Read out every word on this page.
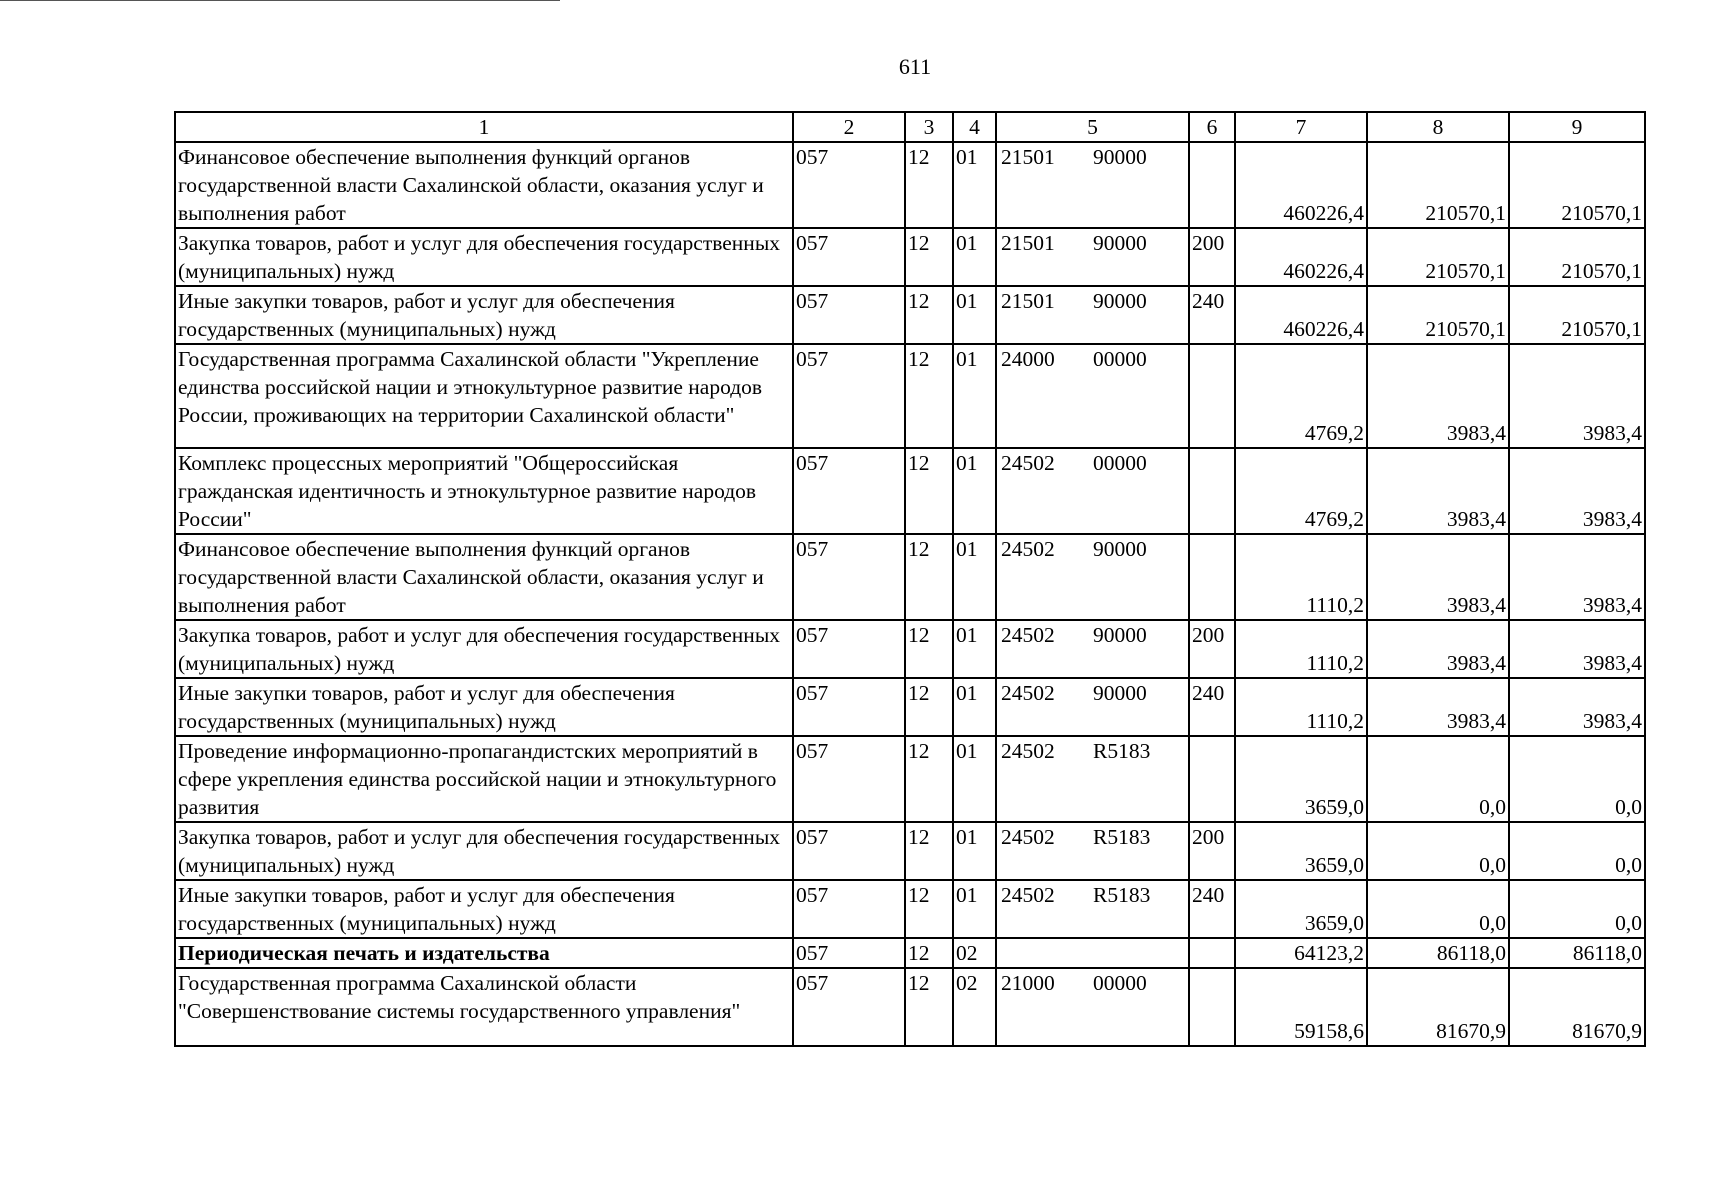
611
1	2	3	4	5	6	7	8	9
Финансовое обеспечение выполнения функций органов государственной власти Сахалинской области, оказания услуг и выполнения работ	057	12	01	21501 90000		460226,4	210570,1	210570,1
Закупка товаров, работ и услуг для обеспечения государственных (муниципальных) нужд	057	12	01	21501 90000	200	460226,4	210570,1	210570,1
Иные закупки товаров, работ и услуг для обеспечения государственных (муниципальных) нужд	057	12	01	21501 90000	240	460226,4	210570,1	210570,1
Государственная программа Сахалинской области "Укрепление единства российской нации и этнокультурное развитие народов России, проживающих на территории Сахалинской области"	057	12	01	24000 00000		4769,2	3983,4	3983,4
Комплекс процессных мероприятий "Общероссийская гражданская идентичность и этнокультурное развитие народов России"	057	12	01	24502 00000		4769,2	3983,4	3983,4
Финансовое обеспечение выполнения функций органов государственной власти Сахалинской области, оказания услуг и выполнения работ	057	12	01	24502 90000		1110,2	3983,4	3983,4
Закупка товаров, работ и услуг для обеспечения государственных (муниципальных) нужд	057	12	01	24502 90000	200	1110,2	3983,4	3983,4
Иные закупки товаров, работ и услуг для обеспечения государственных (муниципальных) нужд	057	12	01	24502 90000	240	1110,2	3983,4	3983,4
Проведение информационно-пропагандистских мероприятий в сфере укрепления единства российской нации и этнокультурного развития	057	12	01	24502 R5183		3659,0	0,0	0,0
Закупка товаров, работ и услуг для обеспечения государственных (муниципальных) нужд	057	12	01	24502 R5183	200	3659,0	0,0	0,0
Иные закупки товаров, работ и услуг для обеспечения государственных (муниципальных) нужд	057	12	01	24502 R5183	240	3659,0	0,0	0,0
Периодическая печать и издательства	057	12	02			64123,2	86118,0	86118,0
Государственная программа Сахалинской области "Совершенствование системы государственного управления"	057	12	02	21000 00000		59158,6	81670,9	81670,9
